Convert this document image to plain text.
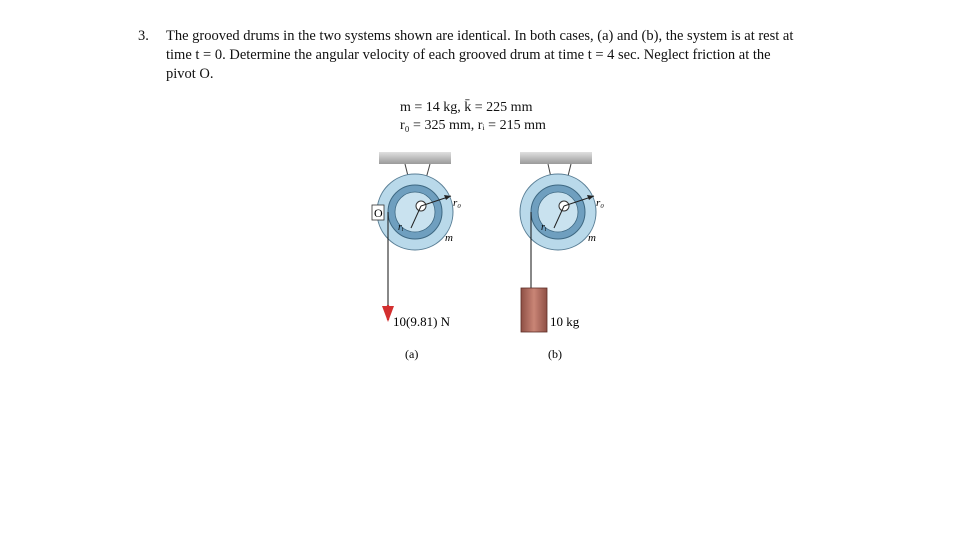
3. The grooved drums in the two systems shown are identical. In both cases, (a) and (b), the system is at rest at
time t = 0. Determine the angular velocity of each grooved drum at time t = 4 sec. Neglect friction at the
pivot O.
m = 14 kg, k̄ = 225 mm
r₀ = 325 mm, rᵢ = 215 mm
O
r₀
rᵢ
m
10(9.81) N
(a)
r₀
rᵢ
m
10 kg
(b)
